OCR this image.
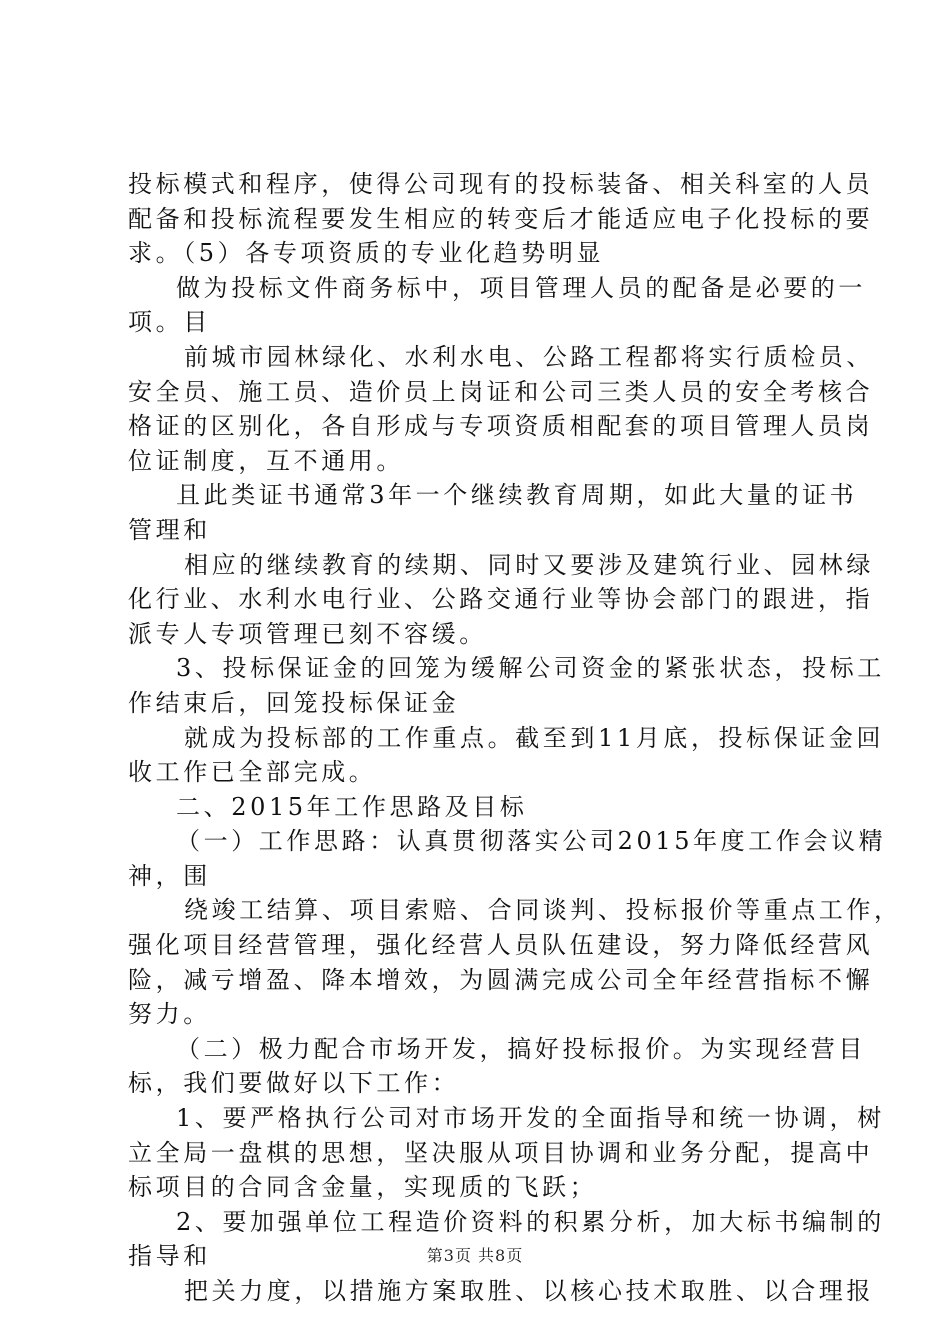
投标模式和程序，使得公司现有的投标装备、相关科室的人员
配备和投标流程要发生相应的转变后才能适应电子化投标的要
求。（5）各专项资质的专业化趋势明显
做为投标文件商务标中，项目管理人员的配备是必要的一
项。目
前城市园林绿化、水利水电、公路工程都将实行质检员、
安全员、施工员、造价员上岗证和公司三类人员的安全考核合
格证的区别化，各自形成与专项资质相配套的项目管理人员岗
位证制度，互不通用。
且此类证书通常3年一个继续教育周期，如此大量的证书
管理和
相应的继续教育的续期、同时又要涉及建筑行业、园林绿
化行业、水利水电行业、公路交通行业等协会部门的跟进，指
派专人专项管理已刻不容缓。
3、投标保证金的回笼为缓解公司资金的紧张状态，投标工
作结束后，回笼投标保证金
就成为投标部的工作重点。截至到11月底，投标保证金回
收工作已全部完成。
二、2015年工作思路及目标
（一）工作思路：认真贯彻落实公司2015年度工作会议精
神，围
绕竣工结算、项目索赔、合同谈判、投标报价等重点工作，
强化项目经营管理，强化经营人员队伍建设，努力降低经营风
险，减亏增盈、降本增效，为圆满完成公司全年经营指标不懈
努力。
（二）极力配合市场开发，搞好投标报价。为实现经营目
标，我们要做好以下工作：
1、要严格执行公司对市场开发的全面指导和统一协调，树
立全局一盘棋的思想，坚决服从项目协调和业务分配，提高中
标项目的合同含金量，实现质的飞跃；
2、要加强单位工程造价资料的积累分析，加大标书编制的
指导和
把关力度，以措施方案取胜、以核心技术取胜、以合理报
第3页 共8页
